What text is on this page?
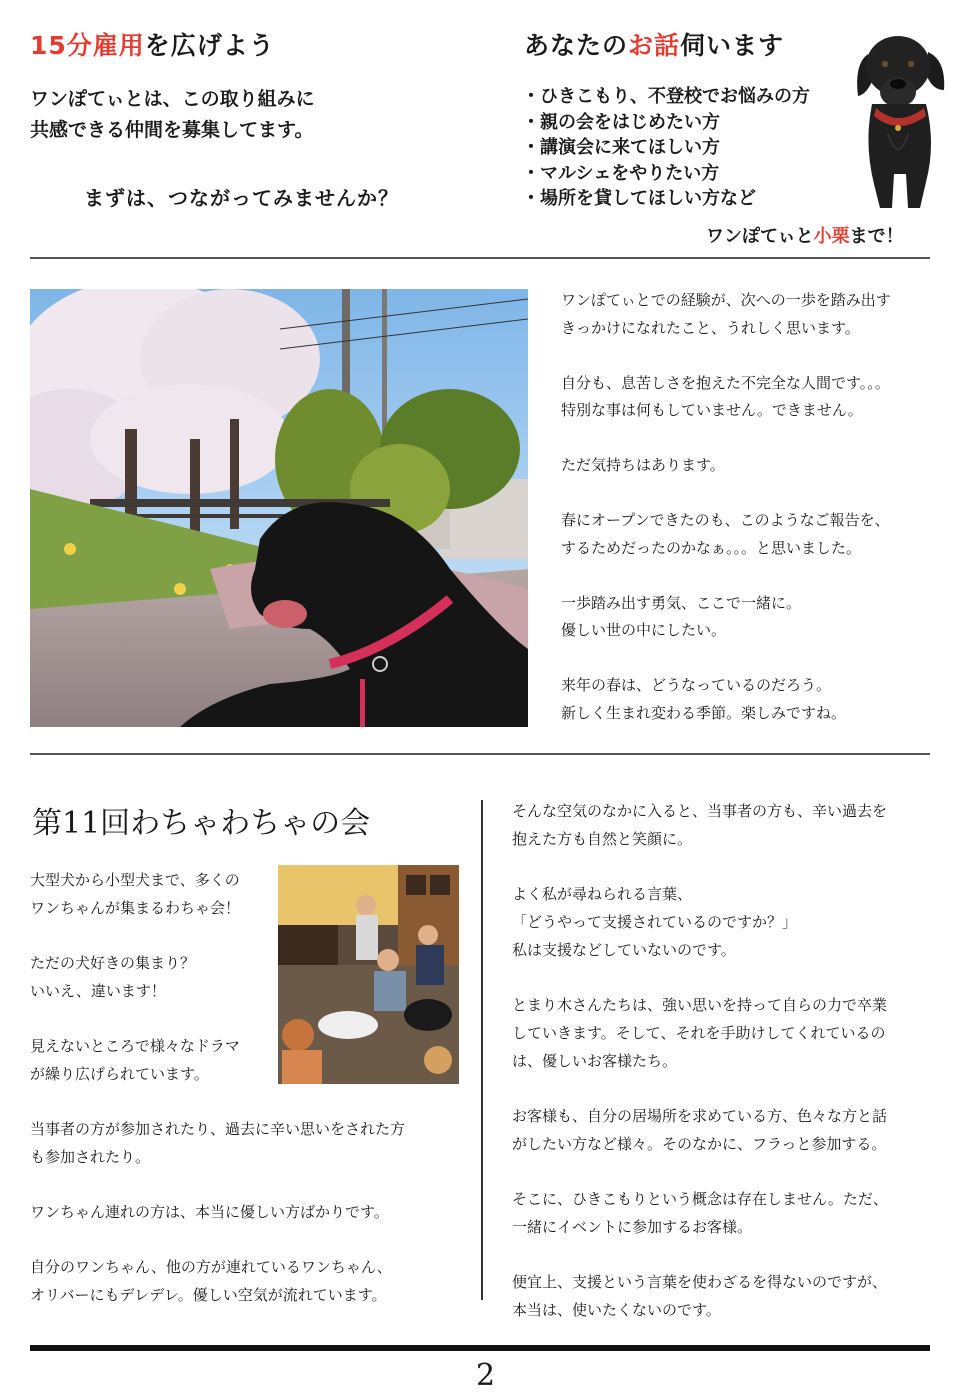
15分雇用を広げよう
ワンぽてぃとは、この取り組みに
共感できる仲間を募集してます。
まずは、つながってみませんか？
あなたのお話伺います
・ひきこもり、不登校でお悩みの方
・親の会をはじめたい方
・講演会に来てほしい方
・マルシェをやりたい方
・場所を貸してほしい方など
ワンぽてぃと小栗まで！

ワンぽてぃとでの経験が、次への一歩を踏み出す
きっかけになれたこと、うれしく思います。

自分も、息苦しさを抱えた不完全な人間です。。。
特別な事は何もしていません。できません。

ただ気持ちはあります。

春にオープンできたのも、このようなご報告を、
するためだったのかなぁ。。。と思いました。

一歩踏み出す勇気、ここで一緒に。
優しい世の中にしたい。

来年の春は、どうなっているのだろう。
新しく生まれ変わる季節。楽しみですね。

第11回わちゃわちゃの会

大型犬から小型犬まで、多くの
ワンちゃんが集まるわちゃ会！

ただの犬好きの集まり？
いいえ、違います！

見えないところで様々なドラマ
が繰り広げられています。

当事者の方が参加されたり、過去に辛い思いをされた方
も参加されたり。

ワンちゃん連れの方は、本当に優しい方ばかりです。

自分のワンちゃん、他の方が連れているワンちゃん、
オリバーにもデレデレ。優しい空気が流れています。

そんな空気のなかに入ると、当事者の方も、辛い過去を
抱えた方も自然と笑顔に。

よく私が尋ねられる言葉、
「どうやって支援されているのですか？」
私は支援などしていないのです。

とまり木さんたちは、強い思いを持って自らの力で卒業
していきます。そして、それを手助けしてくれているの
は、優しいお客様たち。

お客様も、自分の居場所を求めている方、色々な方と話
がしたい方など様々。そのなかに、フラっと参加する。

そこに、ひきこもりという概念は存在しません。ただ、
一緒にイベントに参加するお客様。

便宜上、支援という言葉を使わざるを得ないのですが、
本当は、使いたくないのです。

2
